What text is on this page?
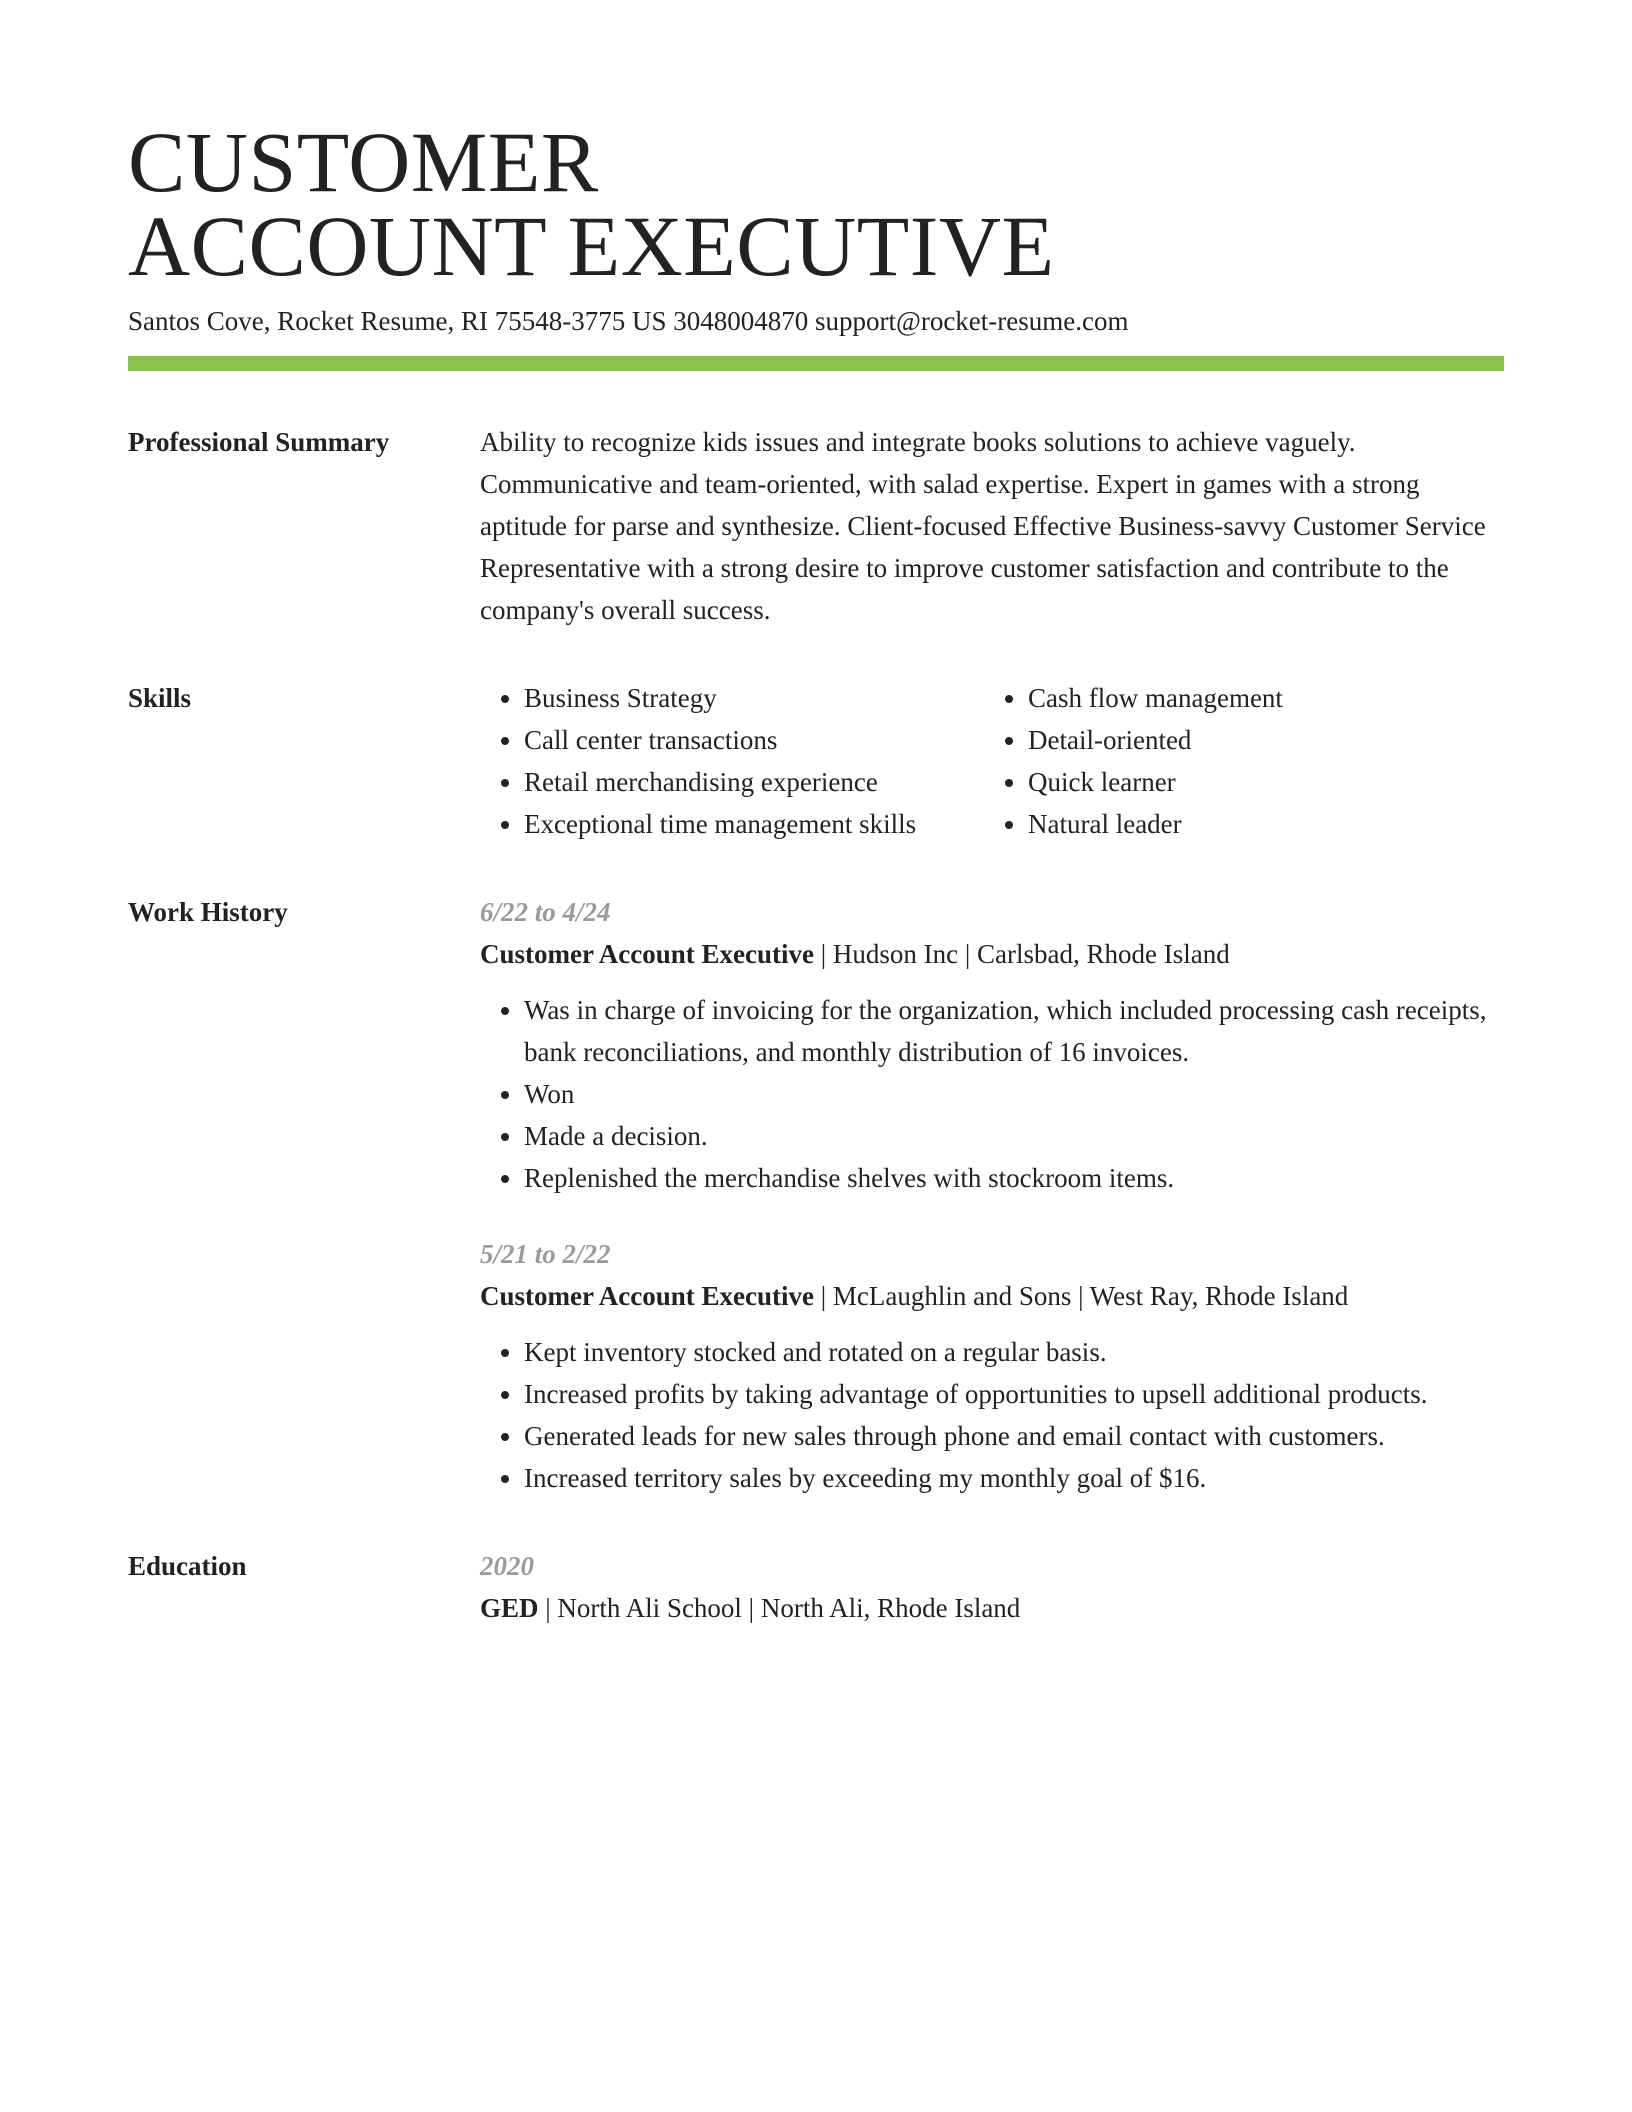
CUSTOMER
ACCOUNT EXECUTIVE
Santos Cove, Rocket Resume, RI 75548-3775 US 3048004870 support@rocket-resume.com
Professional Summary	Ability to recognize kids issues and integrate books solutions to achieve vaguely. Communicative and team-oriented, with salad expertise. Expert in games with a strong aptitude for parse and synthesize. Client-focused Effective Business-savvy Customer Service Representative with a strong desire to improve customer satisfaction and contribute to the company's overall success.

Skills
•	Business Strategy
• Call center transactions
• Retail merchandising experience
• Exceptional time management skills
• Cash flow management
• Detail-oriented
• Quick learner
• Natural leader
Work History	6/22 to 4/24
Customer Account Executive | Hudson Inc | Carlsbad, Rhode Island
• Was in charge of invoicing for the organization, which included processing cash receipts, bank reconciliations, and monthly distribution of 16 invoices.
• Won
• Made a decision.
• Replenished the merchandise shelves with stockroom items.
5/21 to 2/22
Customer Account Executive | McLaughlin and Sons | West Ray, Rhode Island
• Kept inventory stocked and rotated on a regular basis.
• Increased profits by taking advantage of opportunities to upsell additional products.
• Generated leads for new sales through phone and email contact with customers.
• Increased territory sales by exceeding my monthly goal of $16.
Education	2020
GED | North Ali School | North Ali, Rhode Island
